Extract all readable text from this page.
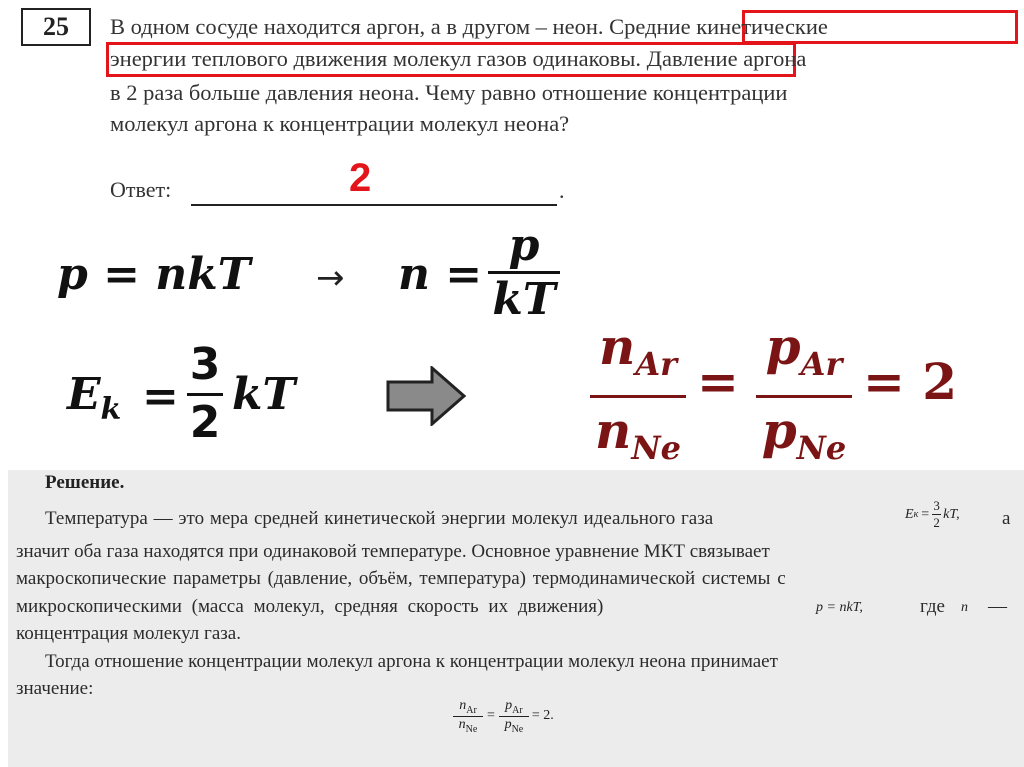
25	В одном сосуде находится аргон, а в другом – неон. Средние кинетические
энергии теплового движения молекул газов одинаковы. Давление аргона
в 2 раза больше давления неона. Чему равно отношение концентрации
молекул аргона к концентрации молекул неона?
Ответ:	.
2
p = nkT → n =
p
kT
$E_k$ =
3
2
kT
$n_{Ar}$
$n_{Ne}$
=
$p_{Ar}$
$p_{Ne}$
= 2
Решение.
Температура — это мера средней кинетической энергии молекул идеального газа	E $к = \frac{3}{2}$ kT, а
значит оба газа находятся при одинаковой температуре. Основное уравнение МКТ связывает
макроскопические параметры (давление, объём, температура) термодинамической системы с
микроскопическими (масса молекул, средняя скорость их движения)	p = nkT,	где n —
концентрация молекул газа.
Тогда отношение концентрации молекул аргона к концентрации молекул неона принимает
значение:
$\frac{n_{Ar}}{n_{Ne}} = \frac{p_{Ar}}{p_{Ne}} = 2$.
